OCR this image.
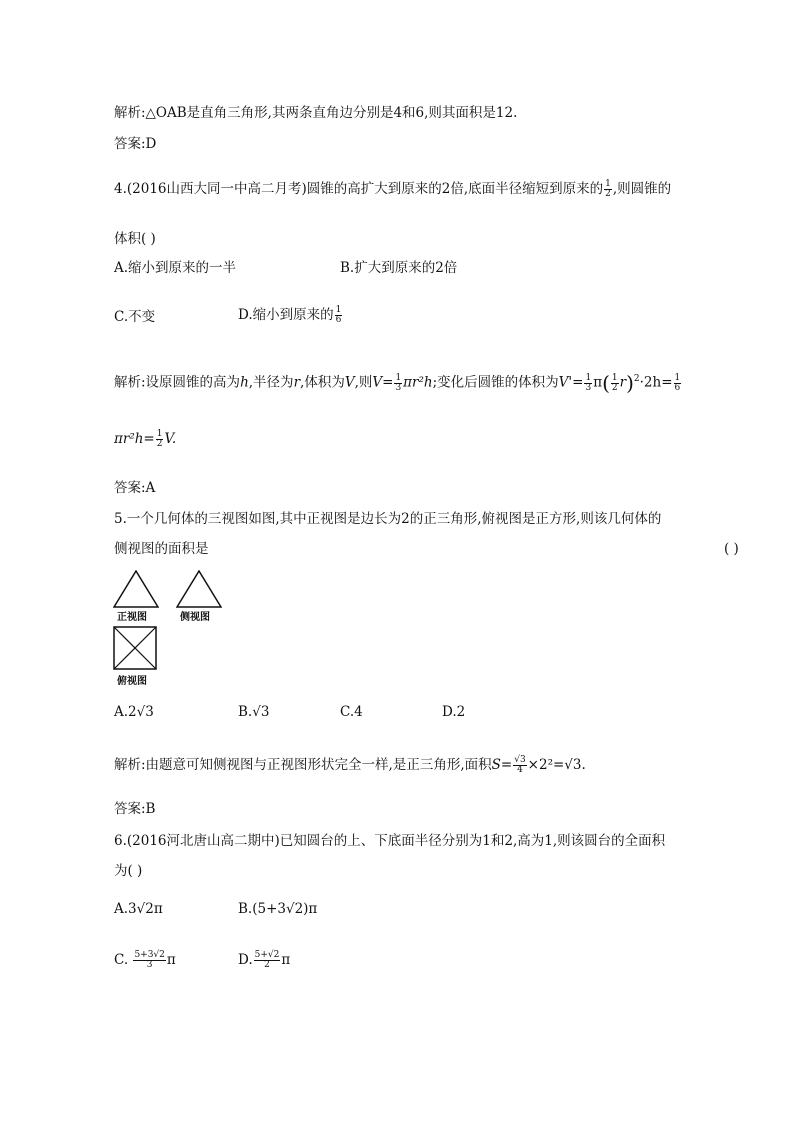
解析:△OAB是直角三角形,其两条直角边分别是4和6,则其面积是12.
答案:D
4.(2016山西大同一中高二月考)圆锥的高扩大到原来的2倍,底面半径缩短到原来的 $\frac{1}{2}$ ,则圆锥的
体积( )
A.缩小到原来的一半	B.扩大到原来的2倍
C.不变	D.缩小到原来的 $\frac{1}{6}$
解析:设原圆锥的高为h,半径为r,体积为V,则$V= \frac{1}{3} \pi r^2h$;变化后圆锥的体积为$V'= \frac{1}{3} \pi( \frac{1}{2} r)^2\cdot 2h= \frac{1}{6}$
$\pi r^2h= \frac{1}{2} V$.
答案:A
5.一个几何体的三视图如图,其中正视图是边长为2的正三角形,俯视图是正方形,则该几何体的
侧视图的面积是	( )
正视图	侧视图
俯视图
A.2√3	B.√3	C.4	D.2
解析:由题意可知侧视图与正视图形状完全一样,是正三角形,面积$S= \frac{√3}{4} \times 2^2=√3$.
答案:B
6.(2016河北唐山高二期中)已知圆台的上、下底面半径分别为1和2,高为1,则该圆台的全面积
为( )
A.3√2π	B.(5+3√2)π
C. $\frac{5+3√2}{3}$ π	D. $\frac{5+√2}{2}$ π
